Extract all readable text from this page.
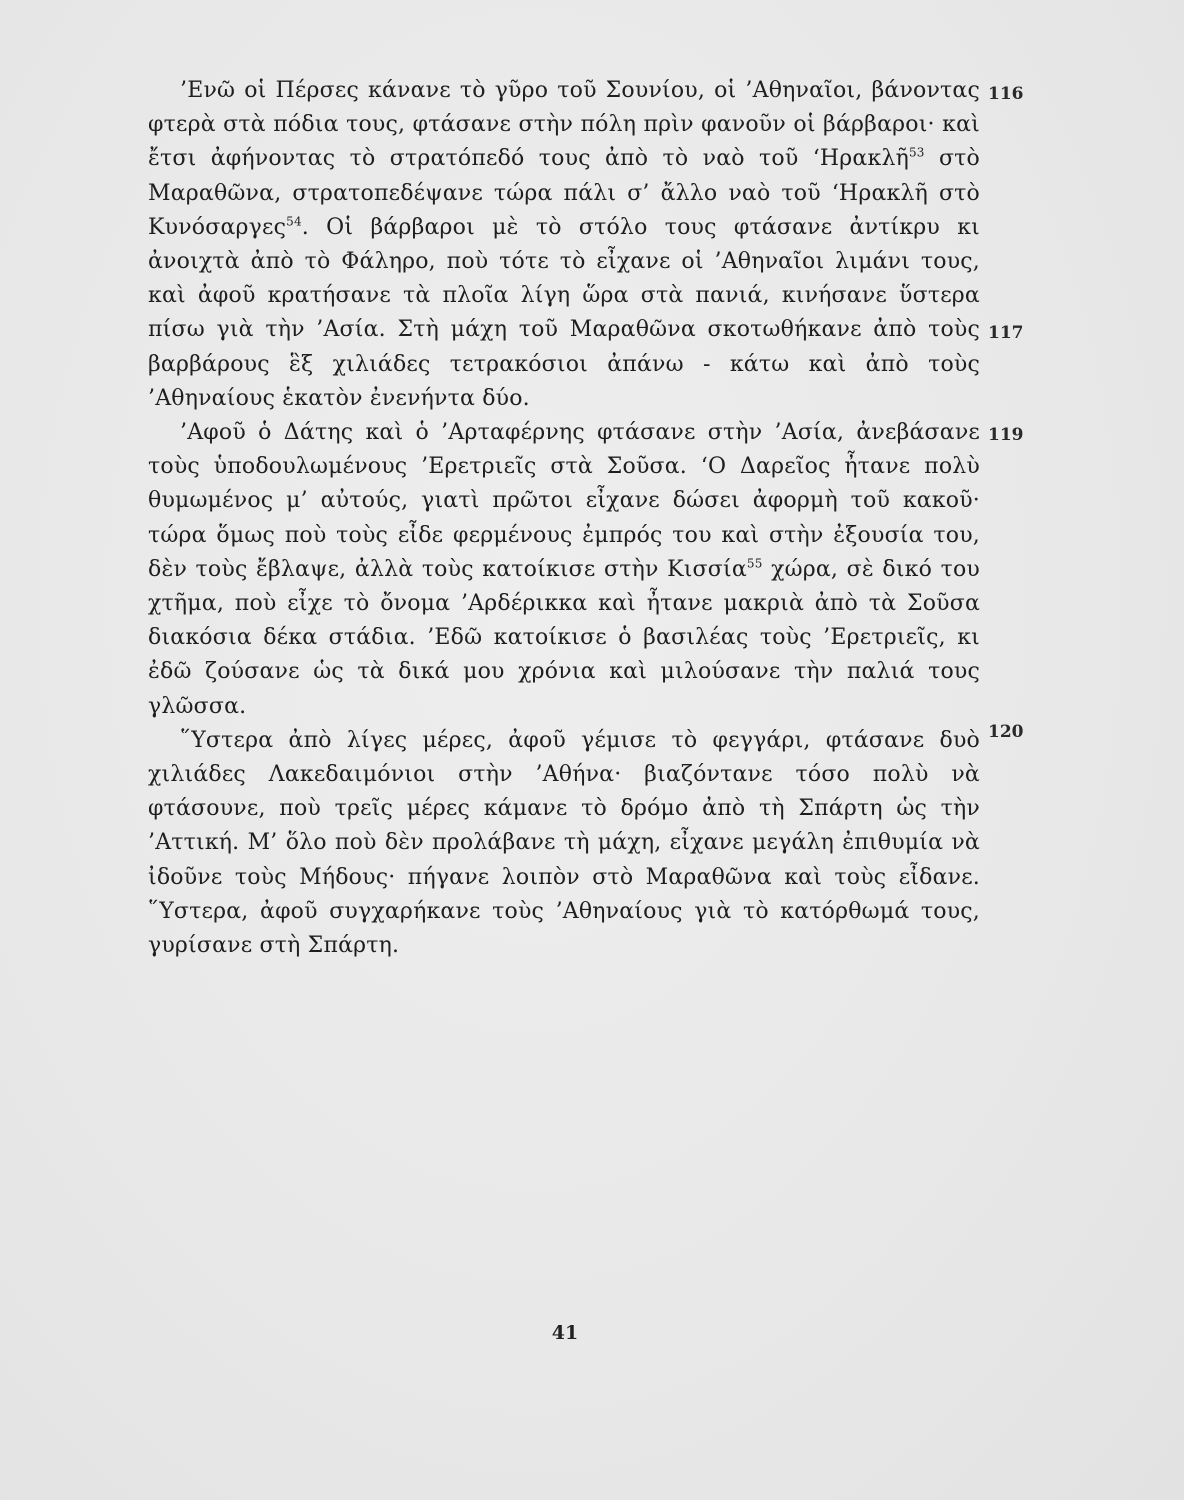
’Ενῶ οἱ Πέρσες κάνανε τὸ γῦρο τοῦ Σουνίου, οἱ ’Αθηναῖοι, βάνοντας φτερὰ στὰ πόδια τους, φτάσανε στὴν πόλη πρὶν φανοῦν οἱ βάρβαροι· καὶ ἔτσι ἀφήνοντας τὸ στρατόπεδό τους ἀπὸ τὸ ναὸ τοῦ ‘Ηρακλῆ$^{53}$ στὸ Μαραθῶνα, στρατοπεδέψανε τώρα πάλι σ’ ἄλλο ναὸ τοῦ ‘Ηρακλῆ στὸ Κυνόσαργες$^{54}$. Οἱ βάρβαροι μὲ τὸ στόλο τους φτάσανε ἀντίκρυ κι ἀνοιχτὰ ἀπὸ τὸ Φάληρο, ποὺ τότε τὸ εἶχανε οἱ ’Αθηναῖοι λιμάνι τους, καὶ ἀφοῦ κρατήσανε τὰ πλοῖα λίγη ὥρα στὰ πανιά, κινήσανε ὕστερα πίσω γιὰ τὴν ’Ασία. Στὴ μάχη τοῦ Μαραθῶνα σκοτωθήκανε ἀπὸ τοὺς βαρβάρους ἓξ χιλιάδες τετρακόσιοι ἀπάνω - κάτω καὶ ἀπὸ τοὺς ’Αθηναίους ἑκατὸν ἐνενήντα δύο.

’Αφοῦ ὁ Δάτης καὶ ὁ ’Αρταφέρνης φτάσανε στὴν ’Ασία, ἀνεβάσανε τοὺς ὑποδουλωμένους ’Ερετριεῖς στὰ Σοῦσα. ‘Ο Δαρεῖος ἦτανε πολὺ θυμωμένος μ’ αὐτούς, γιατὶ πρῶτοι εἶχανε δώσει ἀφορμὴ τοῦ κακοῦ· τώρα ὅμως ποὺ τοὺς εἶδε φερμένους ἐμπρός του καὶ στὴν ἐξουσία του, δὲν τοὺς ἔβλαψε, ἀλλὰ τοὺς κατοίκισε στὴν Κισσία$^{55}$ χώρα, σὲ δικό του χτῆμα, ποὺ εἶχε τὸ ὄνομα ’Αρδέρικκα καὶ ἦτανε μακριὰ ἀπὸ τὰ Σοῦσα διακόσια δέκα στάδια. ’Εδῶ κατοίκισε ὁ βασιλέας τοὺς ’Ερετριεῖς, κι ἐδῶ ζούσανε ὡς τὰ δικά μου χρόνια καὶ μιλούσανε τὴν παλιά τους γλῶσσα.

῞Υστερα ἀπὸ λίγες μέρες, ἀφοῦ γέμισε τὸ φεγγάρι, φτάσανε δυὸ χιλιάδες Λακεδαιμόνιοι στὴν ’Αθήνα· βιαζόντανε τόσο πολὺ νὰ φτάσουνε, ποὺ τρεῖς μέρες κάμανε τὸ δρόμο ἀπὸ τὴ Σπάρτη ὡς τὴν ’Αττική. Μ’ ὅλο ποὺ δὲν προλάβανε τὴ μάχη, εἶχανε μεγάλη ἐπιθυμία νὰ ἰδοῦνε τοὺς Μήδους· πήγανε λοιπὸν στὸ Μαραθῶνα καὶ τοὺς εἶδανε. ῞Υστερα, ἀφοῦ συγχαρήκανε τοὺς ’Αθηναίους γιὰ τὸ κατόρθωμά τους, γυρίσανε στὴ Σπάρτη.

116
117
119
120
41
